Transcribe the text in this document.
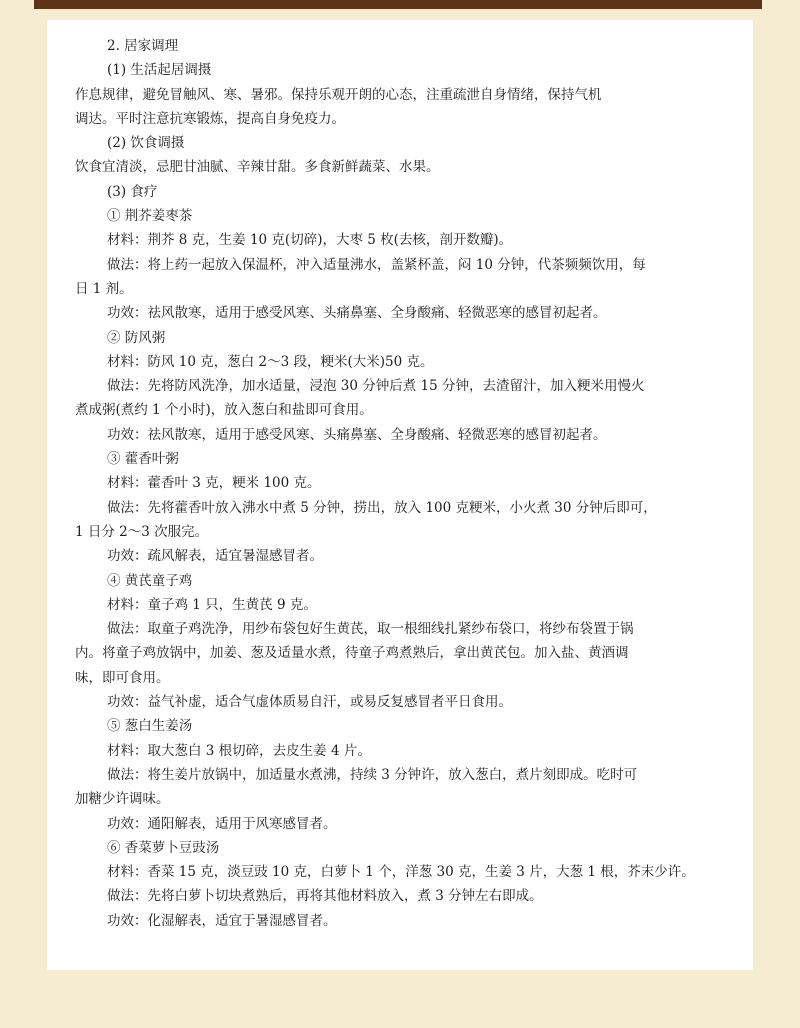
2. 居家调理
(1) 生活起居调摄
作息规律，避免冒触风、寒、暑邪。保持乐观开朗的心态，注重疏泄自身情绪，保持气机
调达。平时注意抗寒锻炼，提高自身免疫力。
(2) 饮食调摄
饮食宜清淡，忌肥甘油腻、辛辣甘甜。多食新鲜蔬菜、水果。
(3) 食疗
① 荆芥姜枣茶
材料：荆芥 8 克，生姜 10 克(切碎)，大枣 5 枚(去核，剖开数瓣)。
做法：将上药一起放入保温杯，冲入适量沸水，盖紧杯盖，闷 10 分钟，代茶频频饮用，每
日 1 剂。
功效：祛风散寒，适用于感受风寒、头痛鼻塞、全身酸痛、轻微恶寒的感冒初起者。
② 防风粥
材料：防风 10 克，葱白 2～3 段，粳米(大米)50 克。
做法：先将防风洗净，加水适量，浸泡 30 分钟后煮 15 分钟，去渣留汁，加入粳米用慢火
煮成粥(煮约 1 个小时)，放入葱白和盐即可食用。
功效：祛风散寒，适用于感受风寒、头痛鼻塞、全身酸痛、轻微恶寒的感冒初起者。
③ 藿香叶粥
材料：藿香叶 3 克，粳米 100 克。
做法：先将藿香叶放入沸水中煮 5 分钟，捞出，放入 100 克粳米，小火煮 30 分钟后即可，
1 日分 2～3 次服完。
功效：疏风解表，适宜暑湿感冒者。
④ 黄芪童子鸡
材料：童子鸡 1 只，生黄芪 9 克。
做法：取童子鸡洗净，用纱布袋包好生黄芪，取一根细线扎紧纱布袋口，将纱布袋置于锅
内。将童子鸡放锅中，加姜、葱及适量水煮，待童子鸡煮熟后，拿出黄芪包。加入盐、黄酒调
味，即可食用。
功效：益气补虚，适合气虚体质易自汗，或易反复感冒者平日食用。
⑤ 葱白生姜汤
材料：取大葱白 3 根切碎，去皮生姜 4 片。
做法：将生姜片放锅中，加适量水煮沸，持续 3 分钟许，放入葱白，煮片刻即成。吃时可
加糖少许调味。
功效：通阳解表，适用于风寒感冒者。
⑥ 香菜萝卜豆豉汤
材料：香菜 15 克，淡豆豉 10 克，白萝卜 1 个，洋葱 30 克，生姜 3 片，大葱 1 根，芥末少许。
做法：先将白萝卜切块煮熟后，再将其他材料放入，煮 3 分钟左右即成。
功效：化湿解表，适宜于暑湿感冒者。
